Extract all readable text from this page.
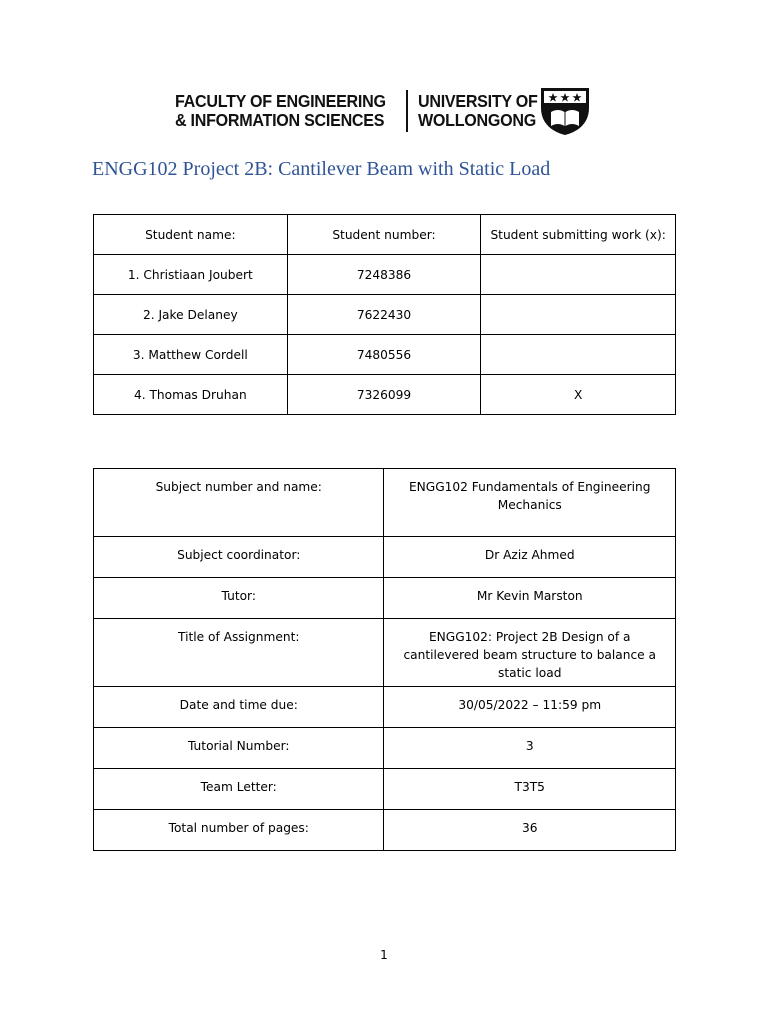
FACULTY OF ENGINEERING
& INFORMATION SCIENCES
UNIVERSITY OF
WOLLONGONG
ENGG102 Project 2B: Cantilever Beam with Static Load
Student name:	Student number:	Student submitting work (x):
1. Christiaan Joubert	7248386	
2. Jake Delaney	7622430	
3. Matthew Cordell	7480556	
4. Thomas Druhan	7326099	X
Subject number and name:	ENGG102 Fundamentals of Engineering Mechanics
Subject coordinator:	Dr Aziz Ahmed
Tutor:	Mr Kevin Marston
Title of Assignment:	ENGG102: Project 2B Design of a cantilevered beam structure to balance a static load
Date and time due:	30/05/2022 – 11:59 pm
Tutorial Number:	3
Team Letter:	T3T5
Total number of pages:	36
1
